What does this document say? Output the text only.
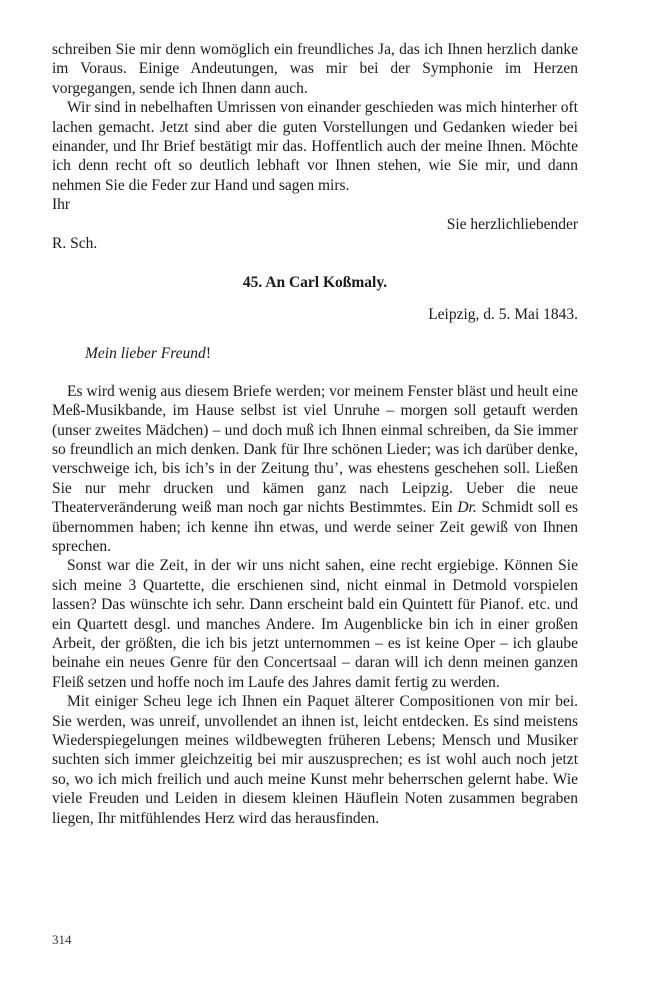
schreiben Sie mir denn womöglich ein freundliches Ja, das ich Ihnen herzlich danke im Voraus. Einige Andeutungen, was mir bei der Symphonie im Herzen vorgegangen, sende ich Ihnen dann auch.

Wir sind in nebelhaften Umrissen von einander geschieden was mich hinterher oft lachen gemacht. Jetzt sind aber die guten Vorstellungen und Gedanken wieder bei einander, und Ihr Brief bestätigt mir das. Hoffentlich auch der meine Ihnen. Möchte ich denn recht oft so deutlich lebhaft vor Ihnen stehen, wie Sie mir, und dann nehmen Sie die Feder zur Hand und sagen mirs.

Ihr

Sie herzlichliebender

R. Sch.

45. An Carl Koßmaly.

Leipzig, d. 5. Mai 1843.

Mein lieber Freund!

Es wird wenig aus diesem Briefe werden; vor meinem Fenster bläst und heult eine Meß-Musikbande, im Hause selbst ist viel Unruhe – morgen soll getauft werden (unser zweites Mädchen) – und doch muß ich Ihnen einmal schreiben, da Sie immer so freundlich an mich denken. Dank für Ihre schönen Lieder; was ich darüber denke, verschweige ich, bis ich’s in der Zeitung thu’, was ehestens geschehen soll. Ließen Sie nur mehr drucken und kämen ganz nach Leipzig. Ueber die neue Theaterveränderung weiß man noch gar nichts Bestimmtes. Ein Dr. Schmidt soll es übernommen haben; ich kenne ihn etwas, und werde seiner Zeit gewiß von Ihnen sprechen.

Sonst war die Zeit, in der wir uns nicht sahen, eine recht ergiebige. Können Sie sich meine 3 Quartette, die erschienen sind, nicht einmal in Detmold vorspielen lassen? Das wünschte ich sehr. Dann erscheint bald ein Quintett für Pianof. etc. und ein Quartett desgl. und manches Andere. Im Augenblicke bin ich in einer großen Arbeit, der größten, die ich bis jetzt unternommen – es ist keine Oper – ich glaube beinahe ein neues Genre für den Concertsaal – daran will ich denn meinen ganzen Fleiß setzen und hoffe noch im Laufe des Jahres damit fertig zu werden.

Mit einiger Scheu lege ich Ihnen ein Paquet älterer Compositionen von mir bei. Sie werden, was unreif, unvollendet an ihnen ist, leicht entdecken. Es sind meistens Wiederspiegelungen meines wildbewegten früheren Lebens; Mensch und Musiker suchten sich immer gleichzeitig bei mir auszusprechen; es ist wohl auch noch jetzt so, wo ich mich freilich und auch meine Kunst mehr beherrschen gelernt habe. Wie viele Freuden und Leiden in diesem kleinen Häuflein Noten zusammen begraben liegen, Ihr mitfühlendes Herz wird das herausfinden.

314
